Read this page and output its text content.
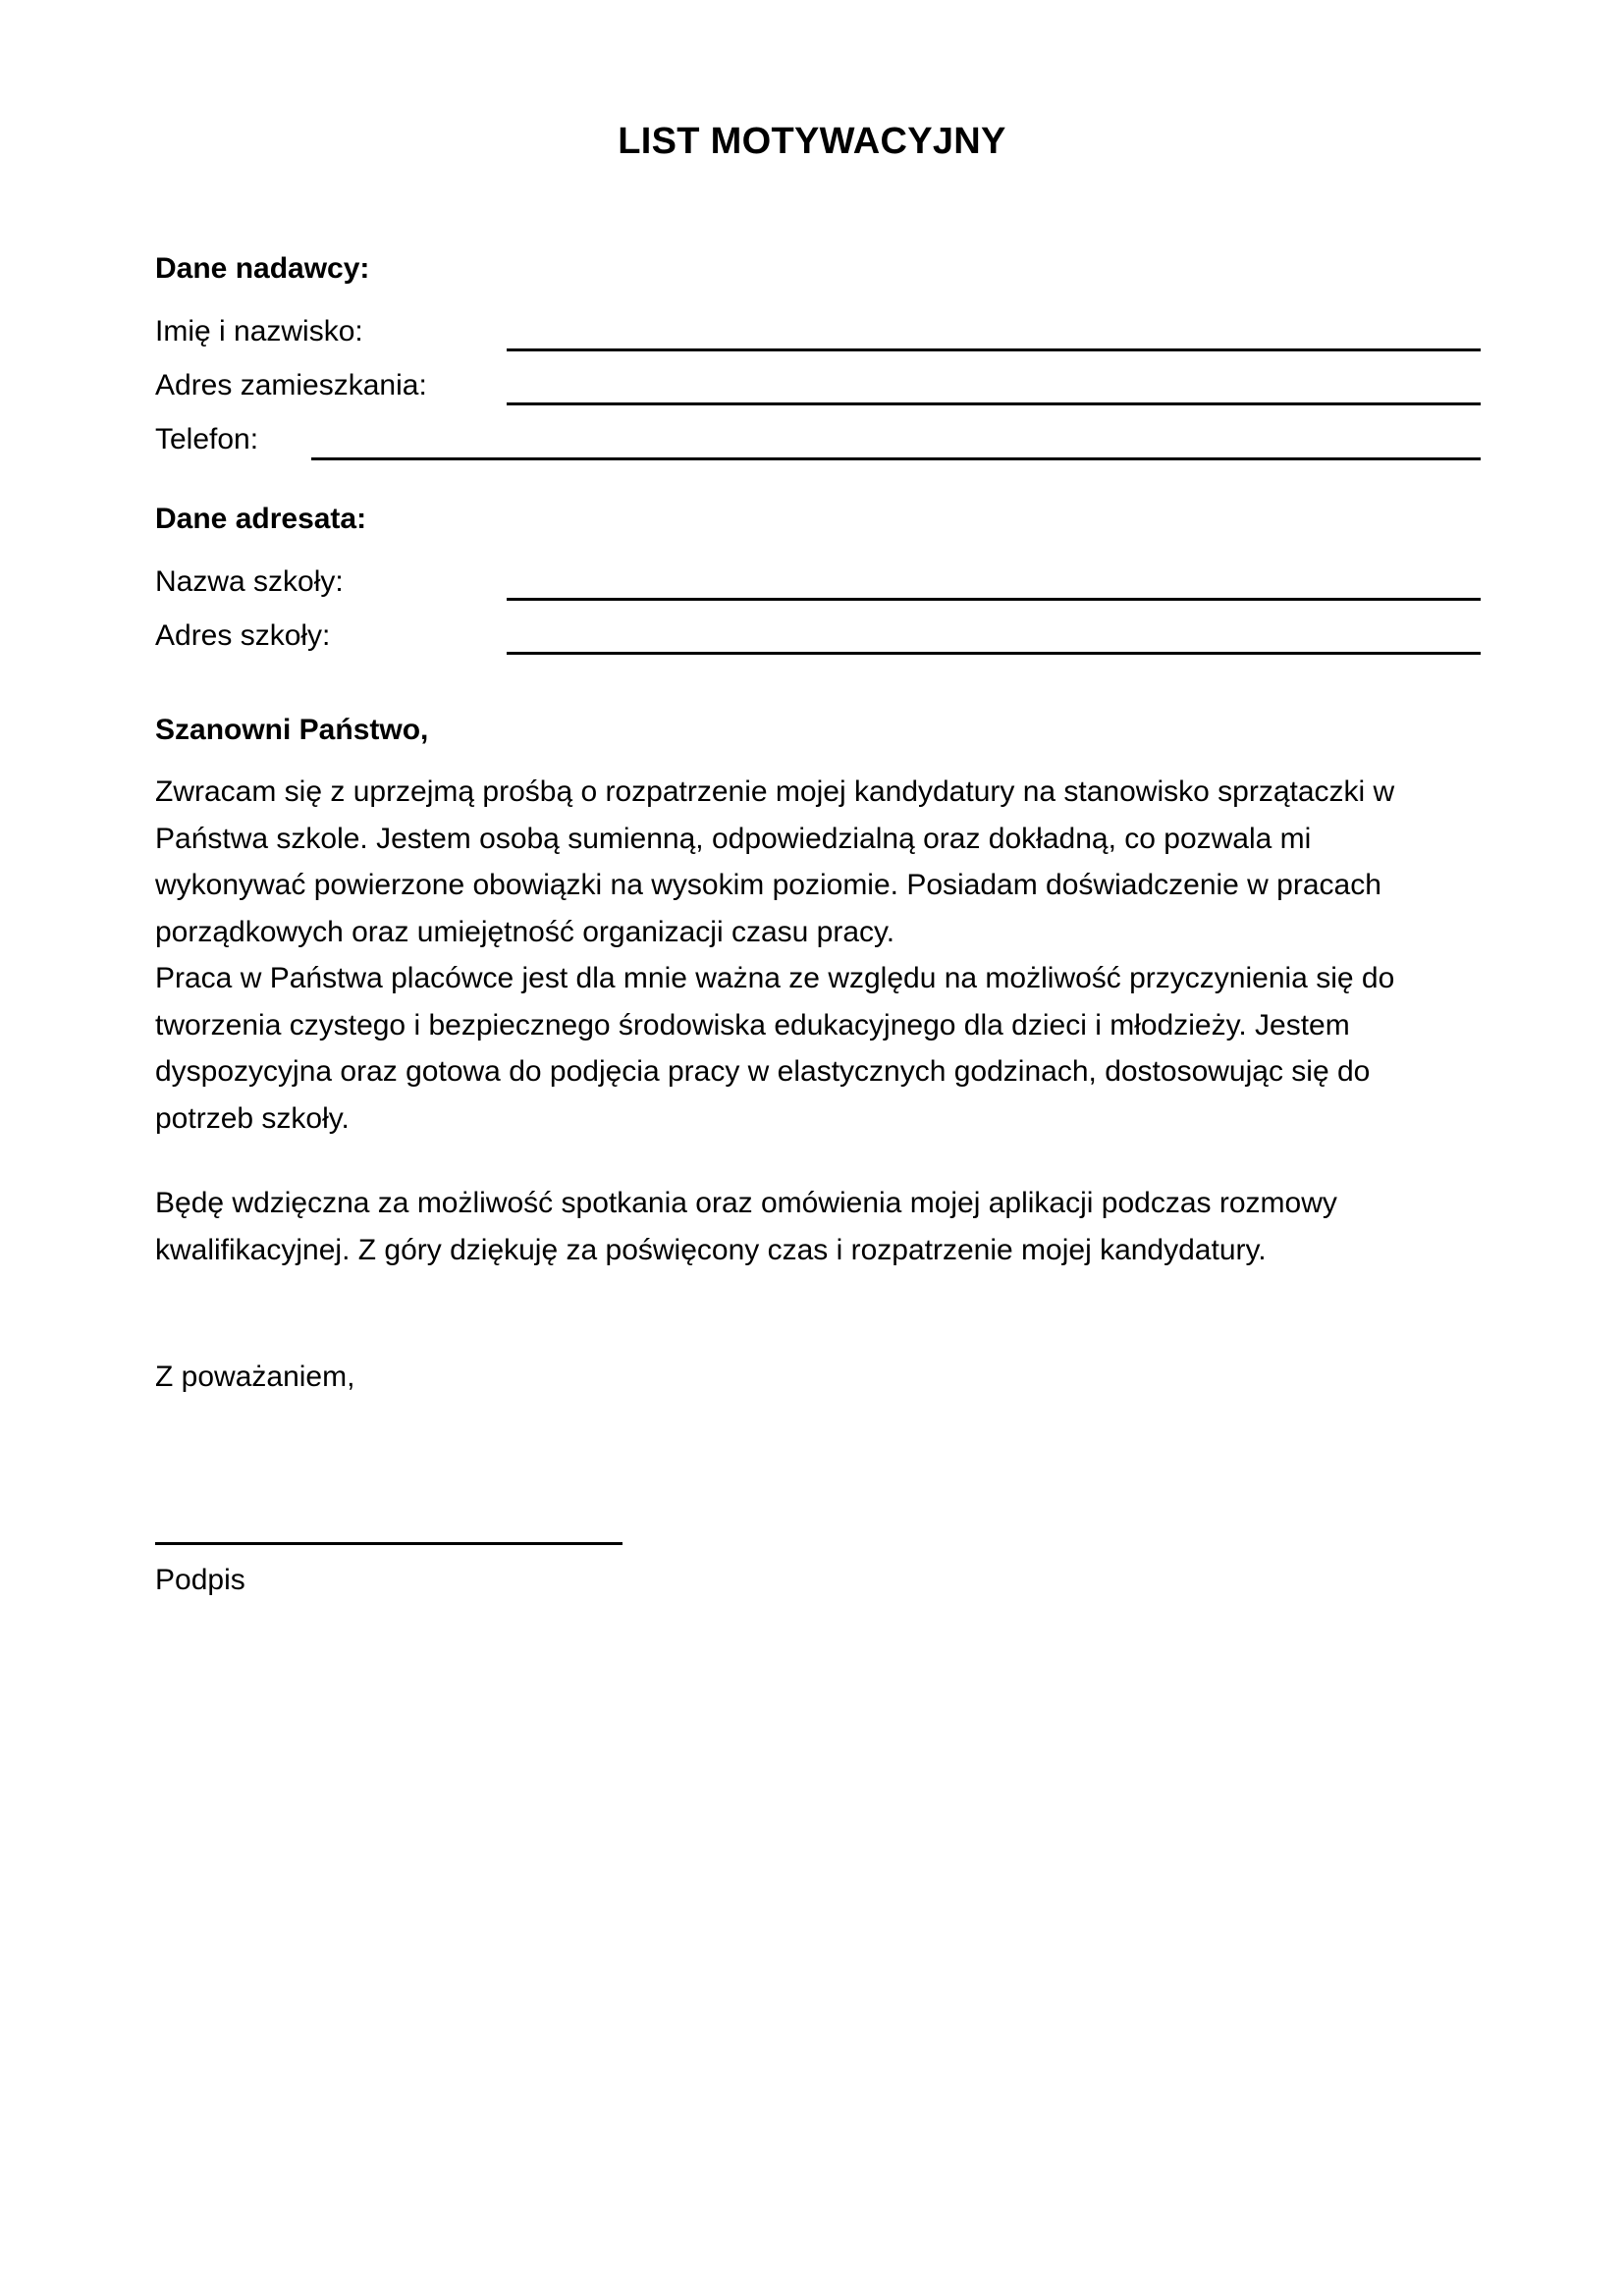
LIST MOTYWACYJNY
Dane nadawcy:
Imię i nazwisko:
Adres zamieszkania:
Telefon:
Dane adresata:
Nazwa szkoły:
Adres szkoły:
Szanowni Państwo,

Zwracam się z uprzejmą prośbą o rozpatrzenie mojej kandydatury na stanowisko sprzątaczki w

Państwa szkole. Jestem osobą sumienną, odpowiedzialną oraz dokładną, co pozwala mi

wykonywać powierzone obowiązki na wysokim poziomie. Posiadam doświadczenie w pracach

porządkowych oraz umiejętność organizacji czasu pracy.

Praca w Państwa placówce jest dla mnie ważna ze względu na możliwość przyczynienia się do

tworzenia czystego i bezpiecznego środowiska edukacyjnego dla dzieci i młodzieży. Jestem

dyspozycyjna oraz gotowa do podjęcia pracy w elastycznych godzinach, dostosowując się do

potrzeb szkoły.

Będę wdzięczna za możliwość spotkania oraz omówienia mojej aplikacji podczas rozmowy

kwalifikacyjnej. Z góry dziękuję za poświęcony czas i rozpatrzenie mojej kandydatury.

Z poważaniem,
Podpis
